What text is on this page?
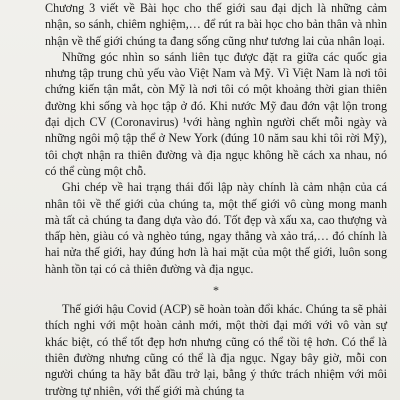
Chương 3 viết về Bài học cho thế giới sau đại dịch là những cảm nhận, so sánh, chiêm nghiệm,… để rút ra bài học cho bản thân và nhìn nhận về thế giới chúng ta đang sống cũng như tương lai của nhân loại.

Những góc nhìn so sánh liên tục được đặt ra giữa các quốc gia nhưng tập trung chủ yếu vào Việt Nam và Mỹ. Vì Việt Nam là nơi tôi chứng kiến tận mắt, còn Mỹ là nơi tôi có một khoảng thời gian thiên đường khi sống và học tập ở đó. Khi nước Mỹ đau đớn vật lộn trong đại dịch CV (Coronavirus) ¹với hàng nghìn người chết mỗi ngày và những ngôi mộ tập thể ở New York (đúng 10 năm sau khi tôi rời Mỹ), tôi chợt nhận ra thiên đường và địa ngục không hề cách xa nhau, nó có thể cùng một chỗ.

Ghi chép về hai trạng thái đối lập này chính là cảm nhận của cá nhân tôi về thế giới của chúng ta, một thế giới vô cùng mong manh mà tất cả chúng ta đang dựa vào đó. Tốt đẹp và xấu xa, cao thượng và thấp hèn, giàu có và nghèo túng, ngay thẳng và xảo trá,… đó chính là hai nửa thế giới, hay đúng hơn là hai mặt của một thế giới, luôn song hành tồn tại có cả thiên đường và địa ngục.

*

Thế giới hậu Covid (ACP) sẽ hoàn toàn đổi khác. Chúng ta sẽ phải thích nghi với một hoàn cảnh mới, một thời đại mới với vô vàn sự khác biệt, có thể tốt đẹp hơn nhưng cũng có thể tồi tệ hơn. Có thể là thiên đường nhưng cũng có thể là địa ngục. Ngay bây giờ, mỗi con người chúng ta hãy bắt đầu trở lại, bằng ý thức trách nhiệm với môi trường tự nhiên, với thế giới mà chúng ta
